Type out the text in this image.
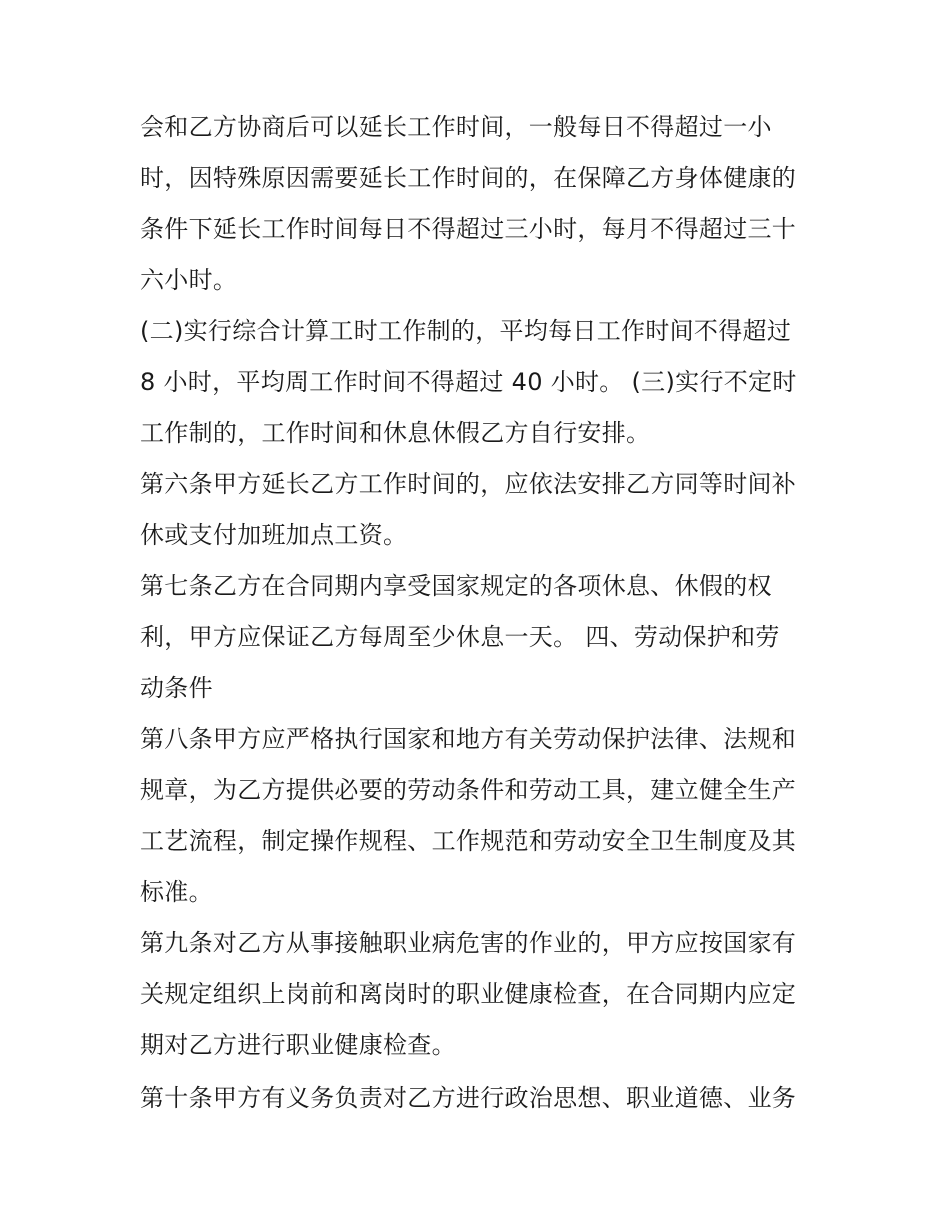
会和乙方协商后可以延长工作时间，一般每日不得超过一小
时，因特殊原因需要延长工作时间的，在保障乙方身体健康的
条件下延长工作时间每日不得超过三小时，每月不得超过三十
六小时。
(二)实行综合计算工时工作制的，平均每日工作时间不得超过
8 小时，平均周工作时间不得超过 40 小时。 (三)实行不定时
工作制的，工作时间和休息休假乙方自行安排。
第六条甲方延长乙方工作时间的，应依法安排乙方同等时间补
休或支付加班加点工资。
第七条乙方在合同期内享受国家规定的各项休息、休假的权
利，甲方应保证乙方每周至少休息一天。 四、劳动保护和劳
动条件
第八条甲方应严格执行国家和地方有关劳动保护法律、法规和
规章，为乙方提供必要的劳动条件和劳动工具，建立健全生产
工艺流程，制定操作规程、工作规范和劳动安全卫生制度及其
标准。
第九条对乙方从事接触职业病危害的作业的，甲方应按国家有
关规定组织上岗前和离岗时的职业健康检查，在合同期内应定
期对乙方进行职业健康检查。
第十条甲方有义务负责对乙方进行政治思想、职业道德、业务
